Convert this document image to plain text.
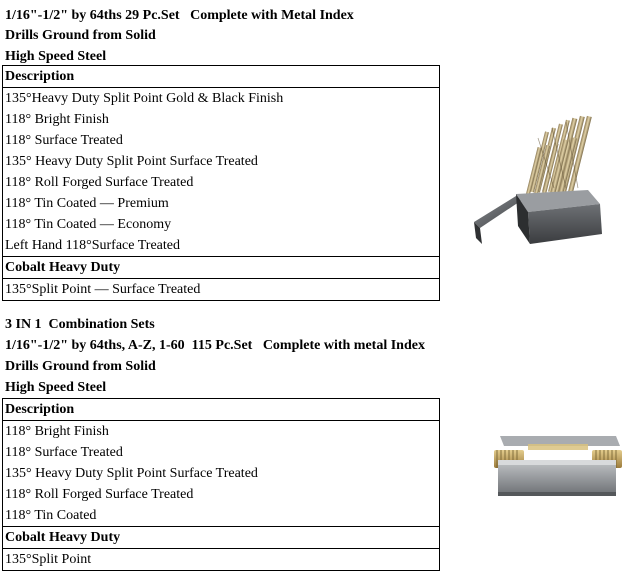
1/16"-1/2" by 64ths 29 Pc.Set   Complete with Metal Index
Drills Ground from Solid
High Speed Steel
Description
135°Heavy Duty Split Point Gold & Black Finish
118° Bright Finish
118° Surface Treated
135° Heavy Duty Split Point Surface Treated
118° Roll Forged Surface Treated
118° Tin Coated — Premium
118° Tin Coated — Economy
Left Hand 118°Surface Treated
Cobalt Heavy Duty
135°Split Point — Surface Treated
3 IN 1  Combination Sets
1/16"-1/2" by 64ths, A-Z, 1-60  115 Pc.Set   Complete with metal Index
Drills Ground from Solid
High Speed Steel
Description
118° Bright Finish
118° Surface Treated
135° Heavy Duty Split Point Surface Treated
118° Roll Forged Surface Treated
118° Tin Coated
Cobalt Heavy Duty
135°Split Point
